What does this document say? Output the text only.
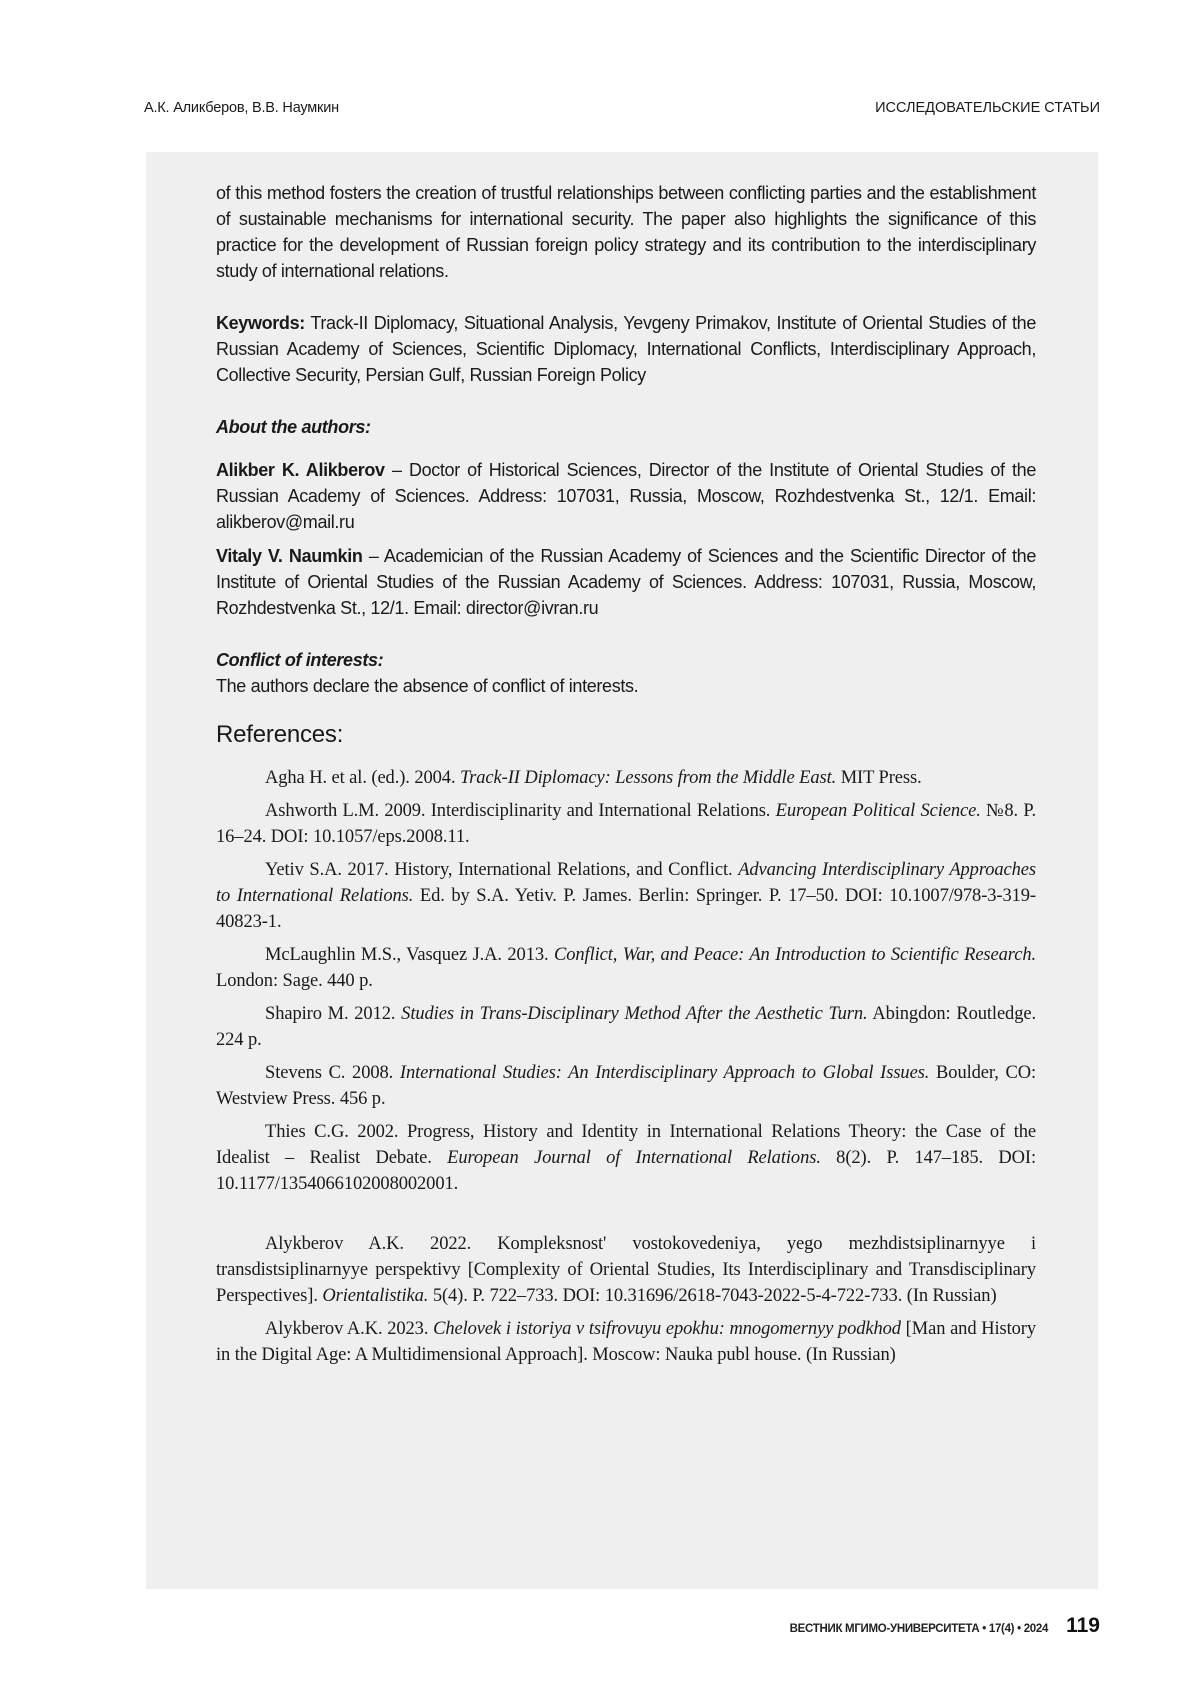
А.К. Аликберов, В.В. Наумкин	ИССЛЕДОВАТЕЛЬСКИЕ СТАТЬИ

of this method fosters the creation of trustful relationships between conflicting parties and the establishment of sustainable mechanisms for international security. The paper also highlights the significance of this practice for the development of Russian foreign policy strategy and its contribution to the interdisciplinary study of international relations.

Keywords: Track-II Diplomacy, Situational Analysis, Yevgeny Primakov, Institute of Oriental Studies of the Russian Academy of Sciences, Scientific Diplomacy, International Conflicts, Interdisciplinary Approach, Collective Security, Persian Gulf, Russian Foreign Policy

About the authors:

Alikber K. Alikberov – Doctor of Historical Sciences, Director of the Institute of Oriental Studies of the Russian Academy of Sciences. Address: 107031, Russia, Moscow, Rozhdestvenka St., 12/1. Email: alikberov@mail.ru

Vitaly V. Naumkin – Academician of the Russian Academy of Sciences and the Scientific Director of the Institute of Oriental Studies of the Russian Academy of Sciences. Address: 107031, Russia, Moscow, Rozhdestvenka St., 12/1. Email: director@ivran.ru

Conflict of interests:

The authors declare the absence of conflict of interests.

References:

Agha H. et al. (ed.). 2004. Track-II Diplomacy: Lessons from the Middle East. MIT Press.

Ashworth L.M. 2009. Interdisciplinarity and International Relations. European Political Science. №8. P. 16–24. DOI: 10.1057/eps.2008.11.

Yetiv S.A. 2017. History, International Relations, and Conflict. Advancing Interdisciplinary Approaches to International Relations. Ed. by S.A. Yetiv. P. James. Berlin: Springer. P. 17–50. DOI: 10.1007/978-3-319-40823-1.

McLaughlin M.S., Vasquez J.A. 2013. Conflict, War, and Peace: An Introduction to Scientific Research. London: Sage. 440 p.

Shapiro M. 2012. Studies in Trans-Disciplinary Method After the Aesthetic Turn. Abingdon: Routledge. 224 p.

Stevens C. 2008. International Studies: An Interdisciplinary Approach to Global Issues. Boulder, CO: Westview Press. 456 p.

Thies C.G. 2002. Progress, History and Identity in International Relations Theory: the Case of the Idealist – Realist Debate. European Journal of International Relations. 8(2). P. 147–185. DOI: 10.1177/1354066102008002001.

Alykberov A.K. 2022. Kompleksnost' vostokovedeniya, yego mezhdistsiplinarnyye i transdistsiplinarnyye perspektivy [Complexity of Oriental Studies, Its Interdisciplinary and Transdisciplinary Perspectives]. Orientalistika. 5(4). P. 722–733. DOI: 10.31696/2618-7043-2022-5-4-722-733. (In Russian)

Alykberov A.K. 2023. Chelovek i istoriya v tsifrovuyu epokhu: mnogomernyy podkhod [Man and History in the Digital Age: A Multidimensional Approach]. Moscow: Nauka publ house. (In Russian)

ВЕСТНИК МГИМО-УНИВЕРСИТЕТА • 17(4) • 2024 119
